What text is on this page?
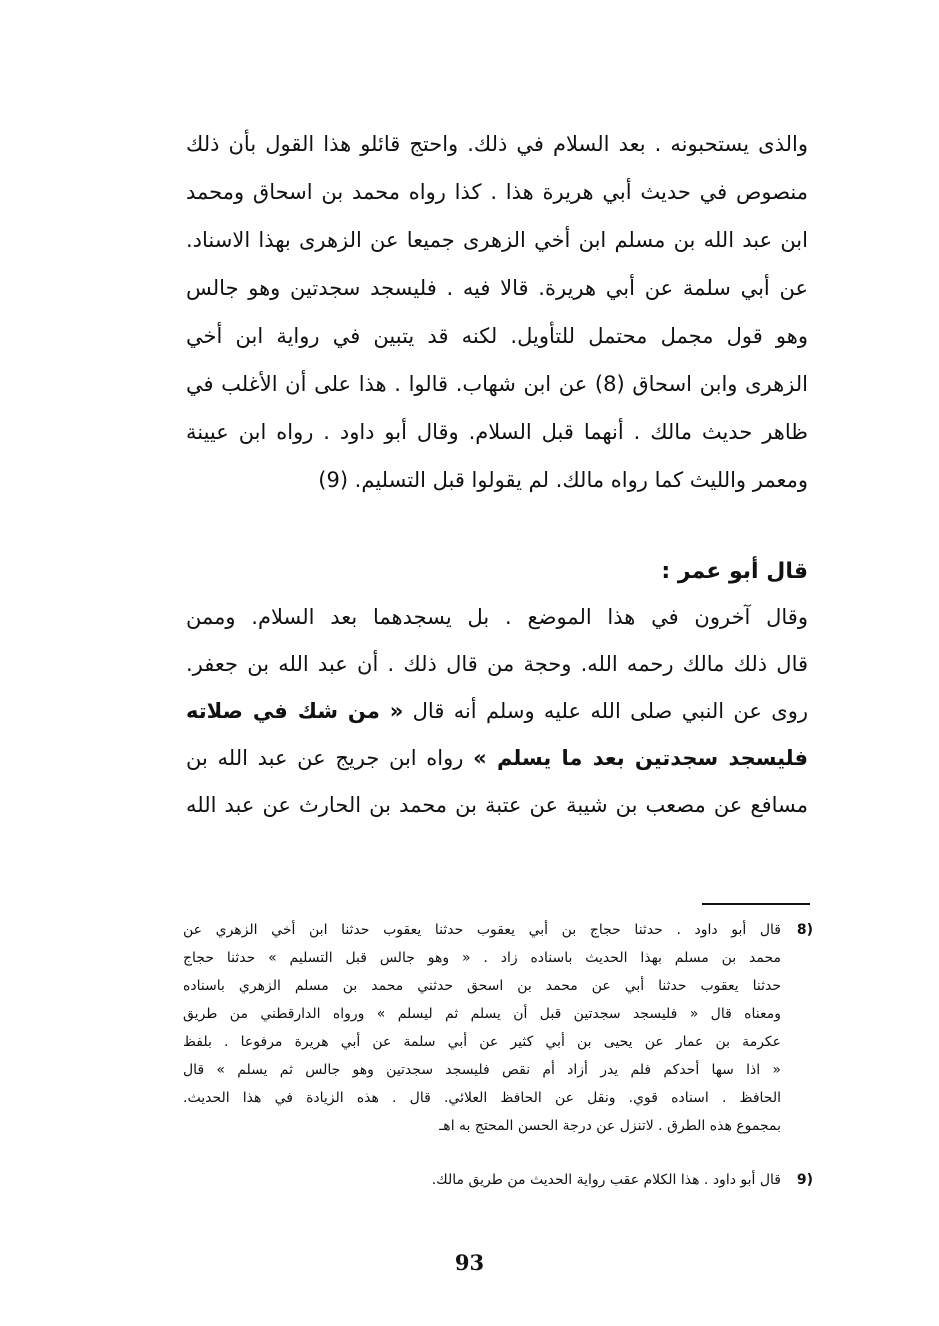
والذى يستحبونه . بعد السلام في ذلك. واحتج قائلو هذا القول بأن ذلك
منصوص في حديث أبي هريرة هذا . كذا رواه محمد بن اسحاق ومحمد
ابن عبد الله بن مسلم ابن أخي الزهرى جميعا عن الزهرى بهذا الاسناد.
عن أبي سلمة عن أبي هريرة. قالا فيه . فليسجد سجدتين وهو جالس
وهو قول مجمل محتمل للتأويل. لكنه قد يتبين في رواية ابن أخي
الزهرى وابن اسحاق (8) عن ابن شهاب. قالوا . هذا على أن الأغلب في
ظاهر حديث مالك . أنهما قبل السلام. وقال أبو داود . رواه ابن عيينة
ومعمر والليث كما رواه مالك. لم يقولوا قبل التسليم. (9)
قال أبو عمر :
وقال آخرون في هذا الموضع . بل يسجدهما بعد السلام. وممن
قال ذلك مالك رحمه الله. وحجة من قال ذلك . أن عبد الله بن جعفر.
روى عن النبي صلى الله عليه وسلم أنه قال « من شك في صلاته
فليسجد سجدتين بعد ما يسلم » رواه ابن جريج عن عبد الله بن
مسافع عن مصعب بن شيبة عن عتبة بن محمد بن الحارث عن عبد الله
(8
قال أبو داود . حدثنا حجاج بن أبي يعقوب حدثنا يعقوب حدثنا ابن أخي الزهري عن
محمد بن مسلم بهذا الحديث باسناده زاد . « وهو جالس قبل التسليم » حدثنا حجاج
حدثنا يعقوب حدثنا أبي عن محمد بن اسحق حدثني محمد بن مسلم الزهري باسناده
ومعناه قال « فليسجد سجدتين قبل أن يسلم ثم ليسلم » ورواه الدارقطني من طريق
عكرمة بن عمار عن يحيى بن أبي كثير عن أبي سلمة عن أبي هريرة مرفوعا . بلفظ
« اذا سها أحدكم فلم يدر أزاد أم نقص فليسجد سجدتين وهو جالس ثم يسلم » قال
الحافظ . اسناده قوي. ونقل عن الحافظ العلائي. قال . هذه الزيادة في هذا الحديث.
بمجموع هذه الطرق . لاتنزل عن درجة الحسن المحتج به اهـ
(9
قال أبو داود . هذا الكلام عقب رواية الحديث من طريق مالك.
93
